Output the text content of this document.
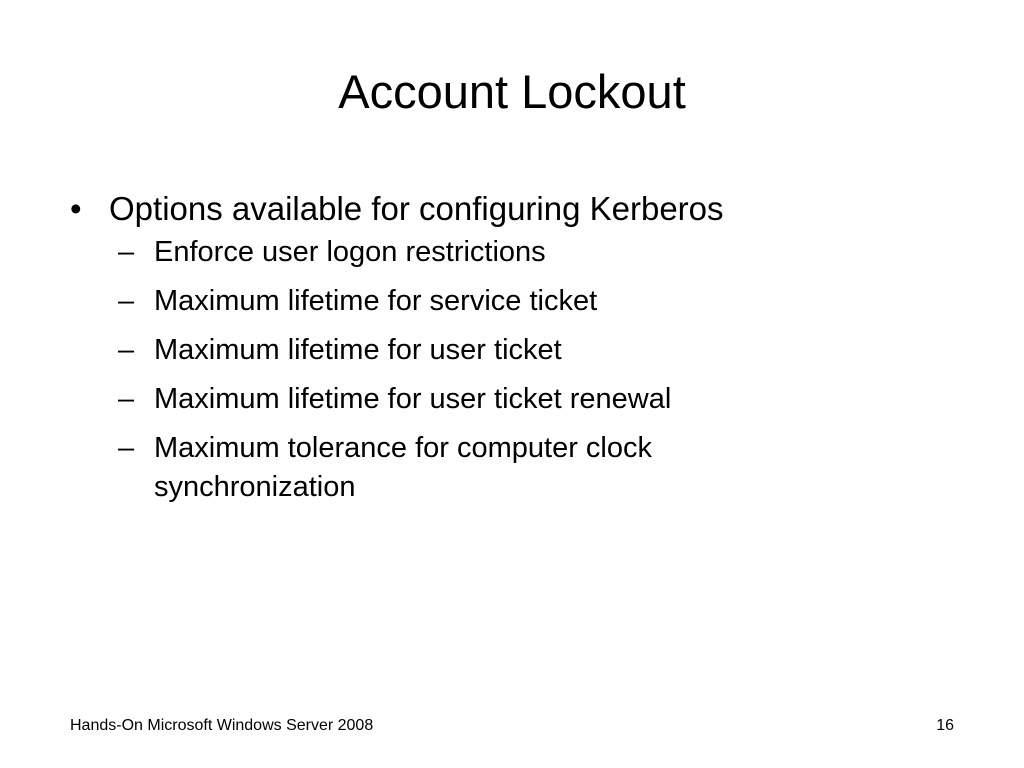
Account Lockout
• Options available for configuring Kerberos
– Enforce user logon restrictions
– Maximum lifetime for service ticket
– Maximum lifetime for user ticket
– Maximum lifetime for user ticket renewal
– Maximum tolerance for computer clock synchronization
Hands-On Microsoft Windows Server 2008	16
